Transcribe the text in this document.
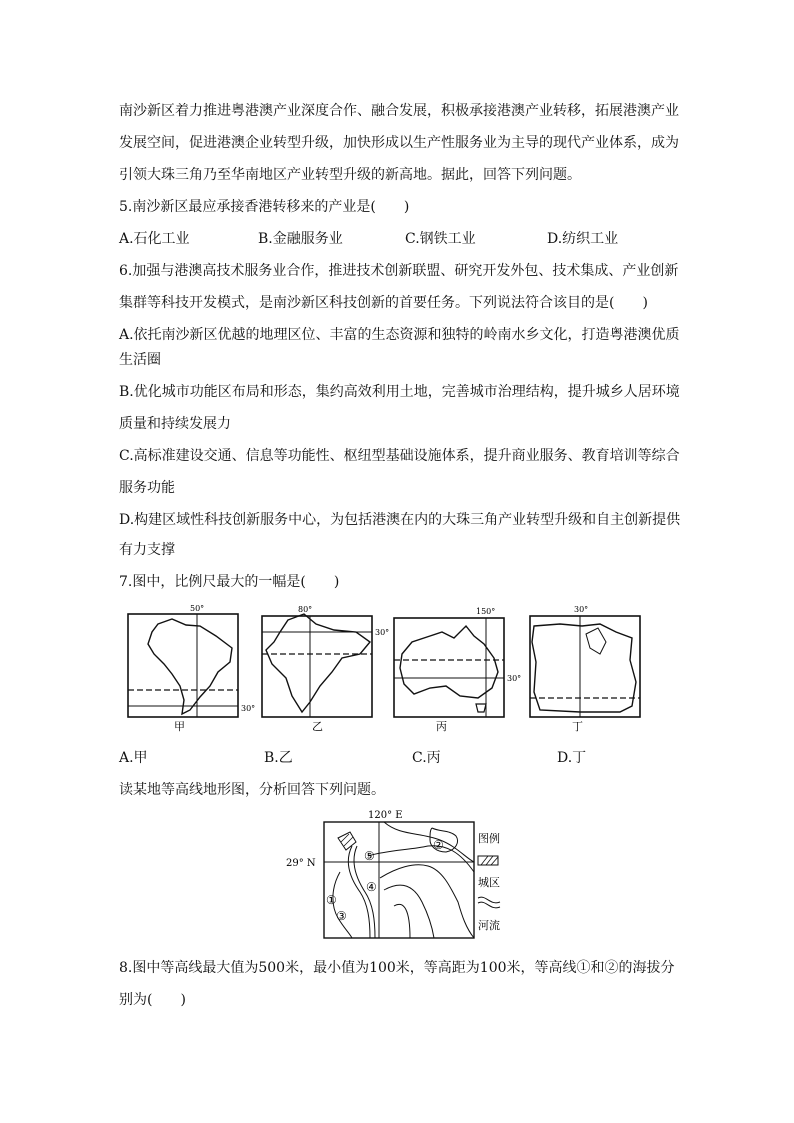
南沙新区着力推进粤港澳产业深度合作、融合发展，积极承接港澳产业转移，拓展港澳产业
发展空间，促进港澳企业转型升级，加快形成以生产性服务业为主导的现代产业体系，成为
引领大珠三角乃至华南地区产业转型升级的新高地。据此，回答下列问题。
5.南沙新区最应承接香港转移来的产业是(　　)
A.石化工业	B.金融服务业	C.钢铁工业	D.纺织工业
6.加强与港澳高技术服务业合作，推进技术创新联盟、研究开发外包、技术集成、产业创新
集群等科技开发模式，是南沙新区科技创新的首要任务。下列说法符合该目的是(　　)
A.依托南沙新区优越的地理区位、丰富的生态资源和独特的岭南水乡文化，打造粤港澳优质
生活圈
B.优化城市功能区布局和形态，集约高效利用土地，完善城市治理结构，提升城乡人居环境
质量和持续发展力
C.高标准建设交通、信息等功能性、枢纽型基础设施体系，提升商业服务、教育培训等综合
服务功能
D.构建区域性科技创新服务中心，为包括港澳在内的大珠三角产业转型升级和自主创新提供
有力支撑
7.图中，比例尺最大的一幅是(　　)
50°
30°
甲
80°
30°
乙
150°
30°
丙
30°
丁
A.甲	B.乙	C.丙	D.丁
读某地等高线地形图，分析回答下列问题。
120° E
29° N
①
②
③
④
⑤
图例
城区
河流
8.图中等高线最大值为500米，最小值为100米，等高距为100米，等高线①和②的海拔分
别为(　　)
